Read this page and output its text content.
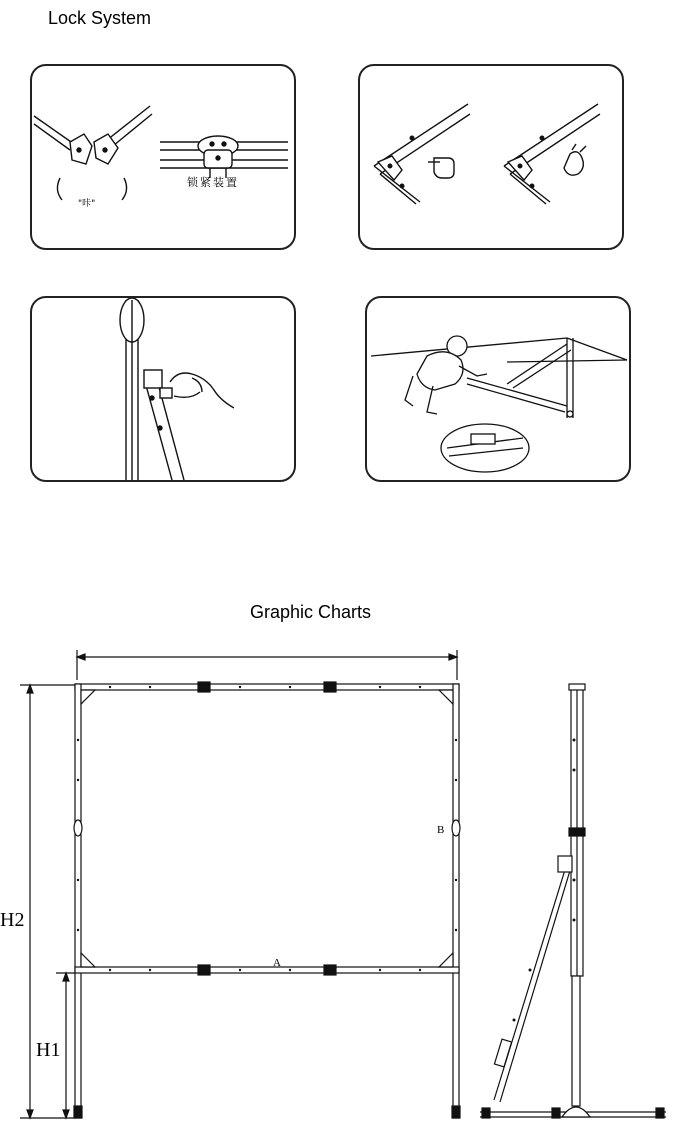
Lock System
"咔"
锁紧装置
Graphic Charts
A
B
H2
H1
